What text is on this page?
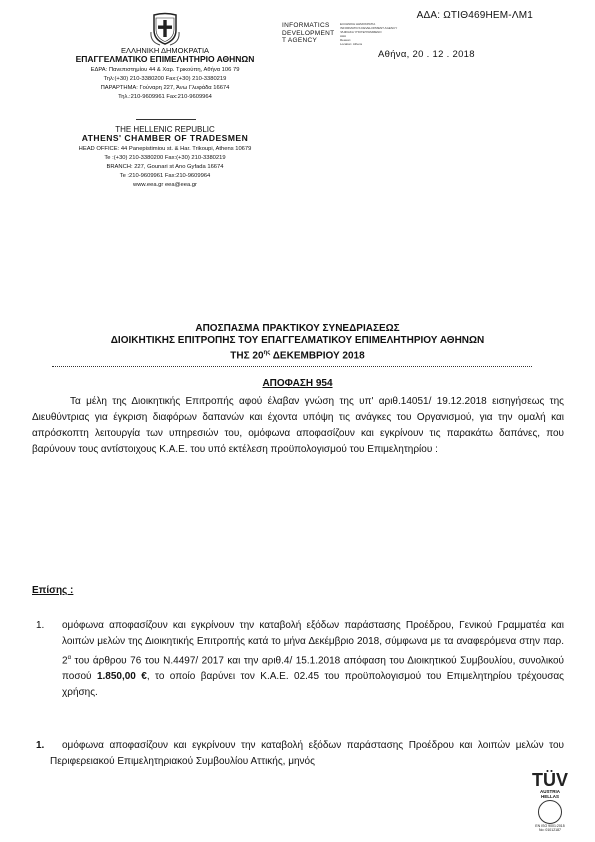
ΑΔΑ: ΩΤΙΘ469ΗΕΜ-ΛΜ1
ΕΛΛΗΝΙΚΗ ΔΗΜΟΚΡΑΤΙΑ
ΕΠΑΓΓΕΛΜΑΤΙΚΟ ΕΠΙΜΕΛΗΤΗΡΙΟ ΑΘΗΝΩΝ
ΕΔΡΑ: Πανεπιστημίου 44 & Χαρ. Τρικούπη, Αθήνα 106 79
Τηλ:(+30) 210-3380200 Fax:(+30) 210-3380219
ΠΑΡΑΡΤΗΜΑ: Γούναρη 227, Άνω Γλυφάδα 16674
Τηλ.:210-9609961 Fax:210-9609964
THE HELLENIC REPUBLIC
ATHENS' CHAMBER OF TRADESMEN
HEAD OFFICE: 44 Panepistimiou st. & Har. Trikoupi, Athens 10679
Te :(+30) 210-3380200 Fax:(+30) 210-3380219
BRANCH: 227, Gounari st Ano Gyfada 16674
Te :210-9609961 Fax:210-9609964
www.eea.gr eea@eea.gr
INFORMATICS
DEVELOPMENT
T AGENCY
ΕΛΛΗΝΙΚΗ ΔΗΜΟΚΡΑΤΙΑ
INFORMATICS DEVELOPMENT AGENCY
ΨΗΦΙΑΚΑ ΥΠΟΓΕΓΡΑΜΜΕΝΟ
ΑΔΑ
Reason:
Location: Athens
Αθήνα, 20 . 12 . 2018
ΑΠΟΣΠΑΣΜΑ ΠΡΑΚΤΙΚΟΥ ΣΥΝΕΔΡΙΑΣΕΩΣ
ΔΙΟΙΚΗΤΙΚΗΣ ΕΠΙΤΡΟΠΗΣ ΤΟΥ ΕΠΑΓΓΕΛΜΑΤΙΚΟΥ ΕΠΙΜΕΛΗΤΗΡΙΟΥ ΑΘΗΝΩΝ
ΤΗΣ $20^{\eta\varsigma}$ ΔΕΚΕΜΒΡΙΟΥ 2018
ΑΠΟΦΑΣΗ 954
Τα μέλη της Διοικητικής Επιτροπής αφού έλαβαν γνώση της υπ' αριθ.14051/ 19.12.2018 εισηγήσεως της Διευθύντριας για έγκριση διαφόρων δαπανών και έχοντα υπόψη τις ανάγκες του Οργανισμού, για την ομαλή και απρόσκοπτη λειτουργία των υπηρεσιών του, ομόφωνα αποφασίζουν και εγκρίνουν τις παρακάτω δαπάνες, που βαρύνουν τους αντίστοιχους Κ.Α.Ε. του υπό εκτέλεση προϋπολογισμού του Επιμελητηρίου :
Επίσης :
1. ομόφωνα αποφασίζουν και εγκρίνουν την καταβολή εξόδων παράστασης Προέδρου, Γενικού Γραμματέα και λοιπών μελών της Διοικητικής Επιτροπής κατά το μήνα Δεκέμβριο 2018, σύμφωνα με τα αναφερόμενα στην παρ. $2^\alpha$ του άρθρου 76 του Ν.4497/ 2017 και την αριθ.4/ 15.1.2018 απόφαση του Διοικητικού Συμβουλίου, συνολικού ποσού 1.850,00 €, το οποίο βαρύνει τον Κ.Α.Ε. 02.45 του προϋπολογισμού του Επιμελητηρίου τρέχουσας χρήσης.
1.	ομόφωνα αποφασίζουν και εγκρίνουν την καταβολή εξόδων παράστασης Προέδρου και λοιπών μελών του Περιφερειακού Επιμελητηριακού Συμβουλίου Αττικής, μηνός
TÜV
AUSTRIA
HELLAS
EN ISO 9001:2015
No: 01012187
